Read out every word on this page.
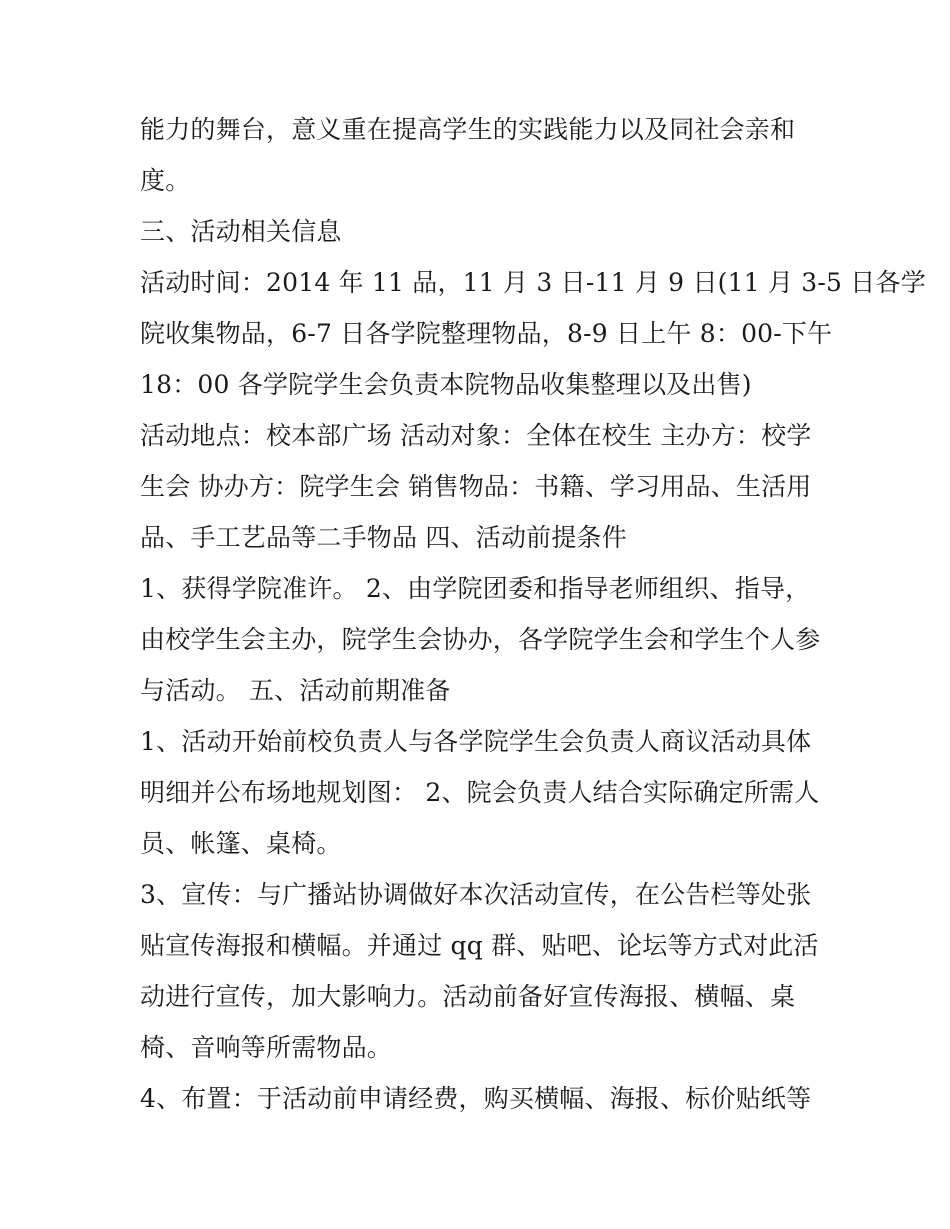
能力的舞台，意义重在提高学生的实践能力以及同社会亲和
度。
三、活动相关信息
活动时间：2014 年 11 品，11 月 3 日-11 月 9 日(11 月 3-5 日各学
院收集物品，6-7 日各学院整理物品，8-9 日上午 8：00-下午
18：00 各学院学生会负责本院物品收集整理以及出售)
活动地点：校本部广场 活动对象：全体在校生 主办方：校学
生会 协办方：院学生会 销售物品：书籍、学习用品、生活用
品、手工艺品等二手物品 四、活动前提条件
1、获得学院准许。 2、由学院团委和指导老师组织、指导，
由校学生会主办，院学生会协办，各学院学生会和学生个人参
与活动。 五、活动前期准备
1、活动开始前校负责人与各学院学生会负责人商议活动具体
明细并公布场地规划图： 2、院会负责人结合实际确定所需人
员、帐篷、桌椅。
3、宣传：与广播站协调做好本次活动宣传，在公告栏等处张
贴宣传海报和横幅。并通过 qq 群、贴吧、论坛等方式对此活
动进行宣传，加大影响力。活动前备好宣传海报、横幅、桌
椅、音响等所需物品。
4、布置：于活动前申请经费，购买横幅、海报、标价贴纸等
